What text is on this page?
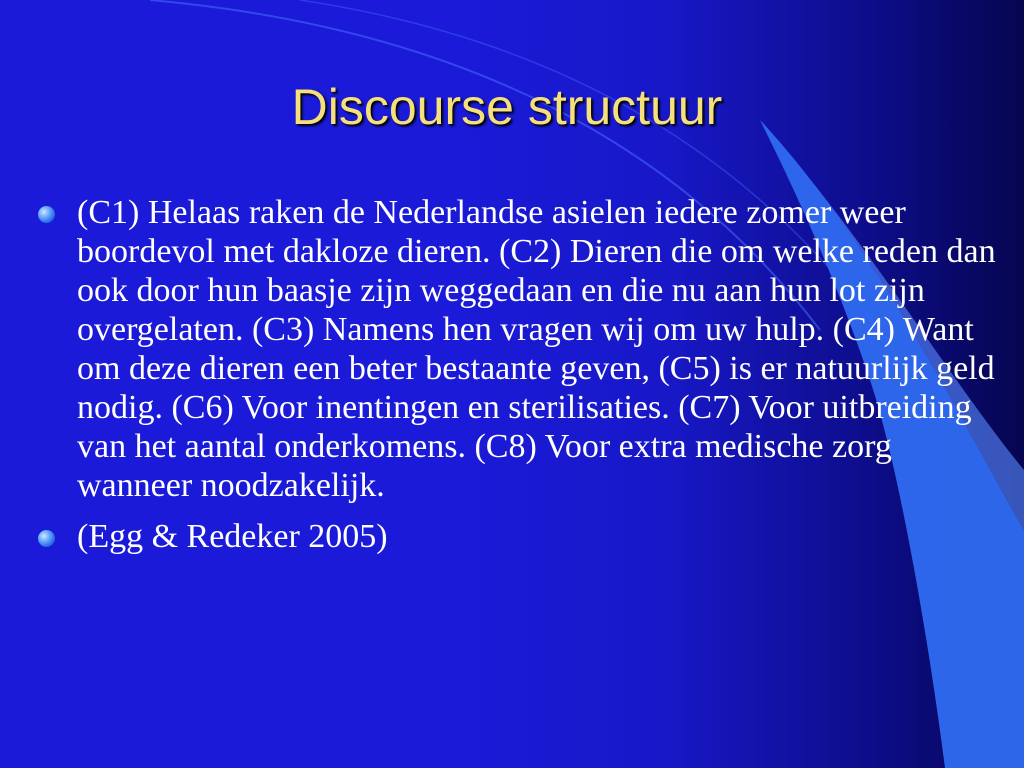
Discourse structuur
(C1) Helaas raken de Nederlandse asielen iedere zomer weer boordevol met dakloze dieren. (C2) Dieren die om welke reden dan ook door hun baasje zijn weggedaan en die nu aan hun lot zijn overgelaten. (C3) Namens hen vragen wij om uw hulp. (C4) Want om deze dieren een beter bestaante geven, (C5) is er natuurlijk geld nodig. (C6) Voor inentingen en sterilisaties. (C7) Voor uitbreiding van het aantal onderkomens. (C8) Voor extra medische zorg wanneer noodzakelijk.
(Egg & Redeker 2005)
